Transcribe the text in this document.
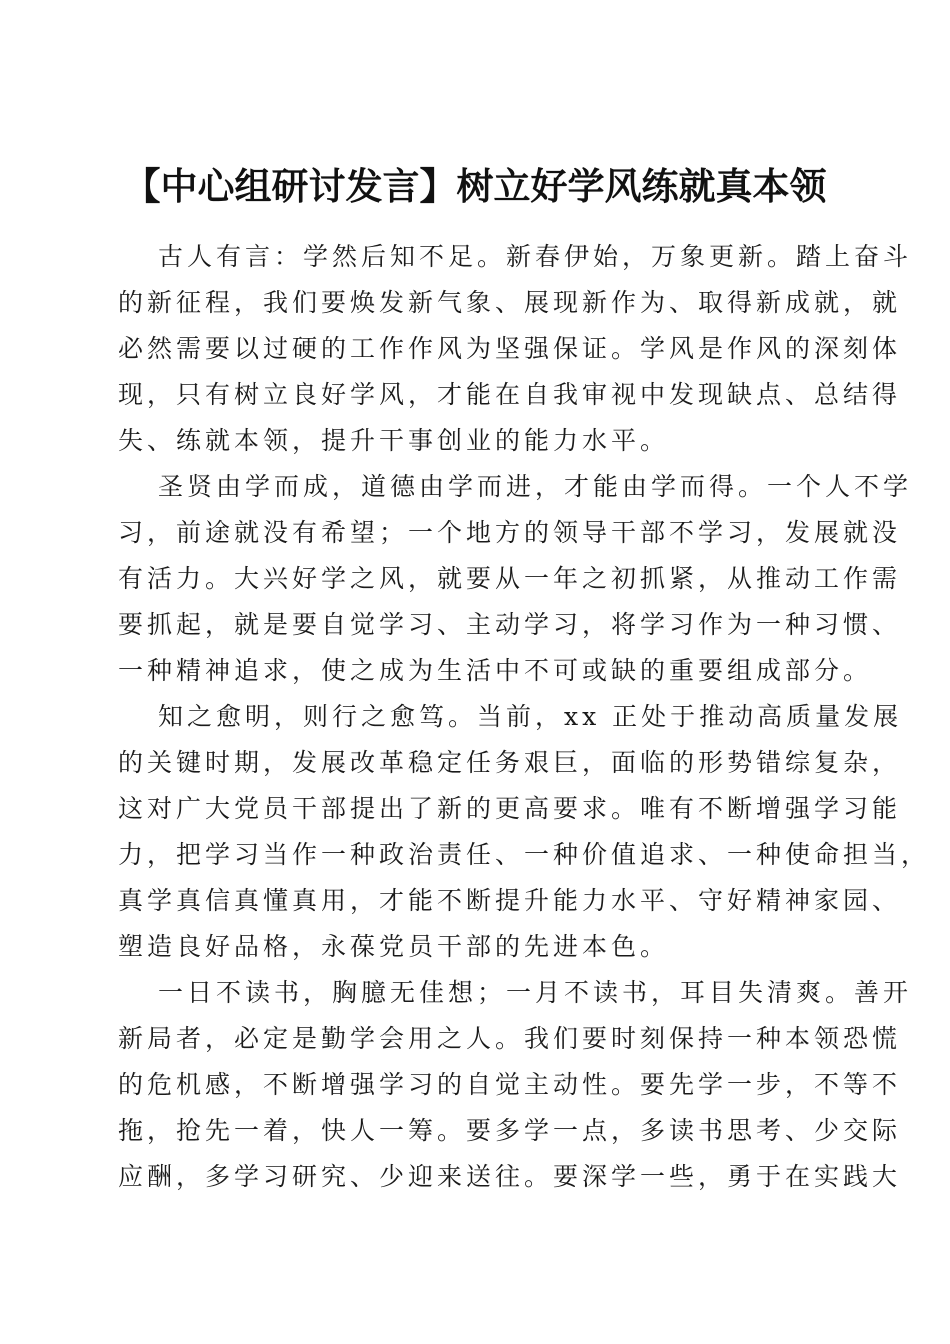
【中心组研讨发言】树立好学风练就真本领

古人有言：学然后知不足。新春伊始，万象更新。踏上奋斗
的新征程，我们要焕发新气象、展现新作为、取得新成就，就
必然需要以过硬的工作作风为坚强保证。学风是作风的深刻体
现，只有树立良好学风，才能在自我审视中发现缺点、总结得
失、练就本领，提升干事创业的能力水平。

圣贤由学而成，道德由学而进，才能由学而得。一个人不学
习，前途就没有希望；一个地方的领导干部不学习，发展就没
有活力。大兴好学之风，就要从一年之初抓紧，从推动工作需
要抓起，就是要自觉学习、主动学习，将学习作为一种习惯、
一种精神追求，使之成为生活中不可或缺的重要组成部分。

知之愈明，则行之愈笃。当前，xx 正处于推动高质量发展
的关键时期，发展改革稳定任务艰巨，面临的形势错综复杂，
这对广大党员干部提出了新的更高要求。唯有不断增强学习能
力，把学习当作一种政治责任、一种价值追求、一种使命担当，
真学真信真懂真用，才能不断提升能力水平、守好精神家园、
塑造良好品格，永葆党员干部的先进本色。

一日不读书，胸臆无佳想；一月不读书，耳目失清爽。善开
新局者，必定是勤学会用之人。我们要时刻保持一种本领恐慌
的危机感，不断增强学习的自觉主动性。要先学一步，不等不
拖，抢先一着，快人一筹。要多学一点，多读书思考、少交际
应酬，多学习研究、少迎来送往。要深学一些，勇于在实践大
